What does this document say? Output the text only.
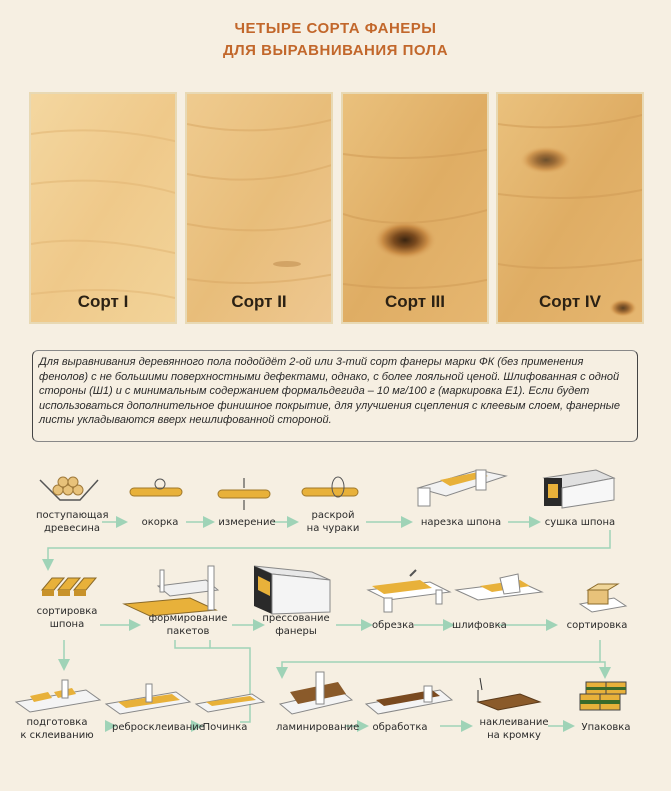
ЧЕТЫРЕ СОРТА ФАНЕРЫ
ДЛЯ ВЫРАВНИВАНИЯ ПОЛА
Сорт I	Сорт II	Сорт III	Сорт IV
Для выравнивания деревянного пола подойдёт 2-ой или 3-тий сорт фанеры марки ФК (без применения фенолов) с не большими поверхностными дефектами, однако, с более лояльной ценой. Шлифованная с одной стороны (Ш1) и с минимальным содержанием формальдегида – 10 мг/100 г (маркировка Е1). Если будет использоваться дополнительное финишное покрытие, для улучшения сцепления с клеевым слоем, фанерные листы укладываются вверх нешлифованной стороной.
поступающая
древесина
окорка	измерение
раскрой
на чураки
нарезка шпона	сушка шпона
сортировка
шпона
формирование
пакетов
прессование
фанеры
обрезка	шлифовка	сортировка
подготовка
к склеиванию
ребросклеивание
Починка	ламинирование обработка	наклеивание
на кромку
Упаковка
